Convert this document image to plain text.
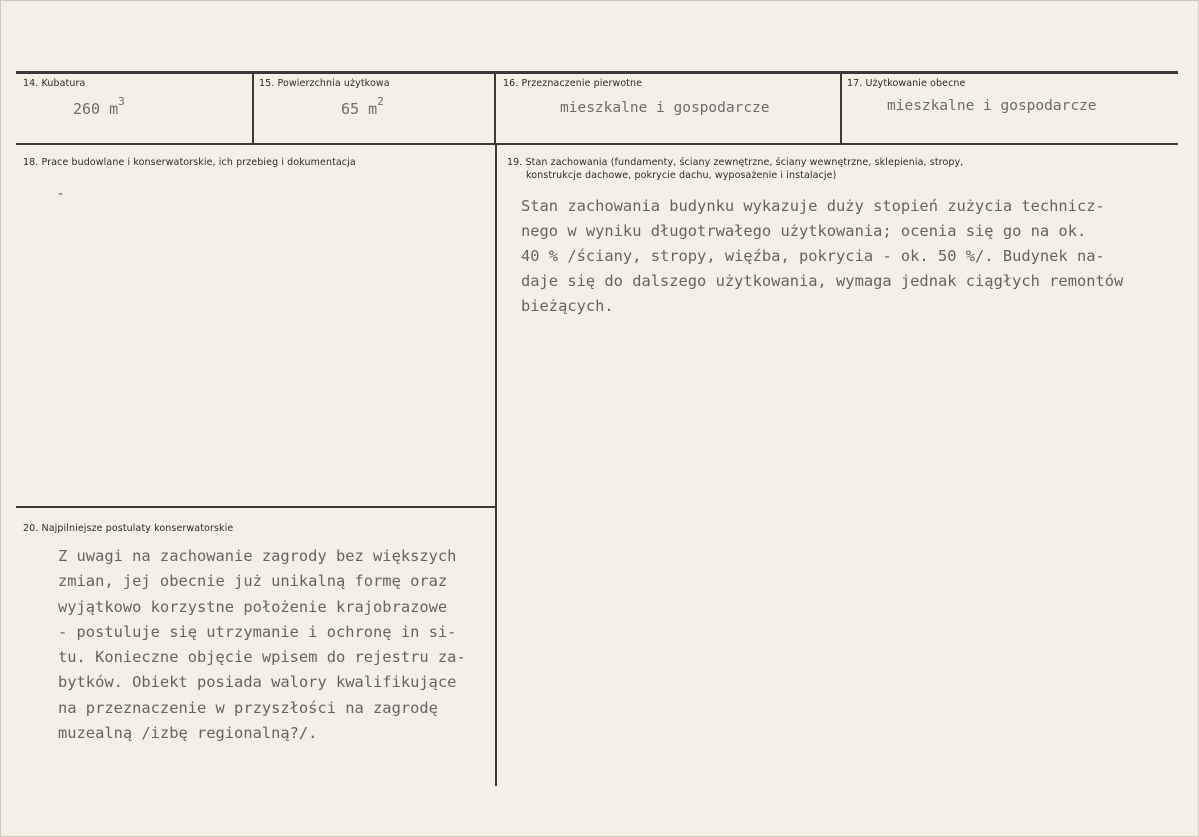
14. Kubatura
260 $m^3$
15. Powierzchnia użytkowa
65 $m^2$
16. Przeznaczenie pierwotne
mieszkalne i gospodarcze
17. Użytkowanie obecne
mieszkalne i gospodarcze
18. Prace budowlane i konserwatorskie, ich przebieg i dokumentacja
-
19. Stan zachowania (fundamenty, ściany zewnętrzne, ściany wewnętrzne, sklepienia, stropy,
konstrukcje dachowe, pokrycie dachu, wyposażenie i instalacje)
Stan zachowania budynku wykazuje duży stopień zużycia technicz-
nego w wyniku długotrwałego użytkowania; ocenia się go na ok.
40 % /ściany, stropy, więźba, pokrycia - ok. 50 %/. Budynek na-
daje się do dalszego użytkowania, wymaga jednak ciągłych remontów
bieżących.
20. Najpilniejsze postulaty konserwatorskie
Z uwagi na zachowanie zagrody bez większych
zmian, jej obecnie już unikalną formę oraz
wyjątkowo korzystne położenie krajobrazowe
- postuluje się utrzymanie i ochronę in si-
tu. Konieczne objęcie wpisem do rejestru za-
bytków. Obiekt posiada walory kwalifikujące
na przeznaczenie w przyszłości na zagrodę
muzealną /izbę regionalną?/.
